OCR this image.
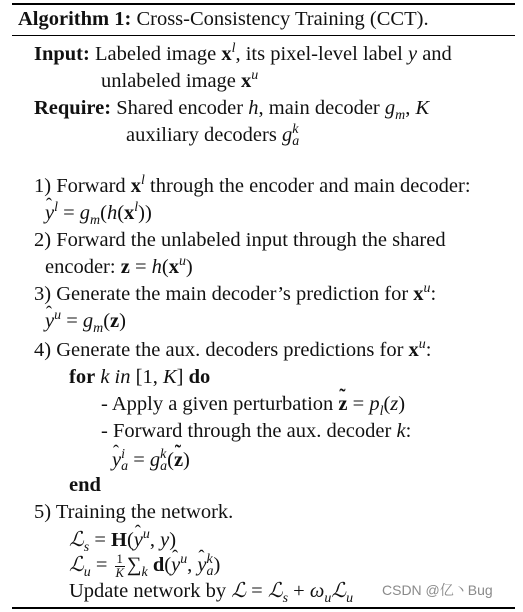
Algorithm 1: Cross-Consistency Training (CCT).
Input: Labeled image $x^l$, its pixel-level label y and
unlabeled image $x^u$
Require: Shared encoder h, main decoder $g_m$, K
auxiliary decoders g k
a
1) Forward $x^l$ through the encoder and main decoder:
ˆ $y^l = g_m(h(x^l))$
2) Forward the unlabeled input through the shared
encoder: $z = h(x^u)$
3) Generate the main decoder’s prediction for $x^u$:
ˆ $y^u = g_m(z)$
4) Generate the aux. decoders predictions for $x^u$:
for k in [1, K] do
- Apply a given perturbation ˜ $z = p_l(z)$
- Forward through the aux. decoder k:
ˆ y i
a = g k
a (˜ z)
end
5) Training the network.
ℒ$_s$ = H(ˆ $y^u$, y)
ℒ$_u$ = $\frac{1}{K} \sum_k$ d(ˆ $y^u$, ˆ y k
a )
Update network by ℒ = ℒ$_s$ + $\omega_uℒ_u$
CSDN @亿丶Bug
